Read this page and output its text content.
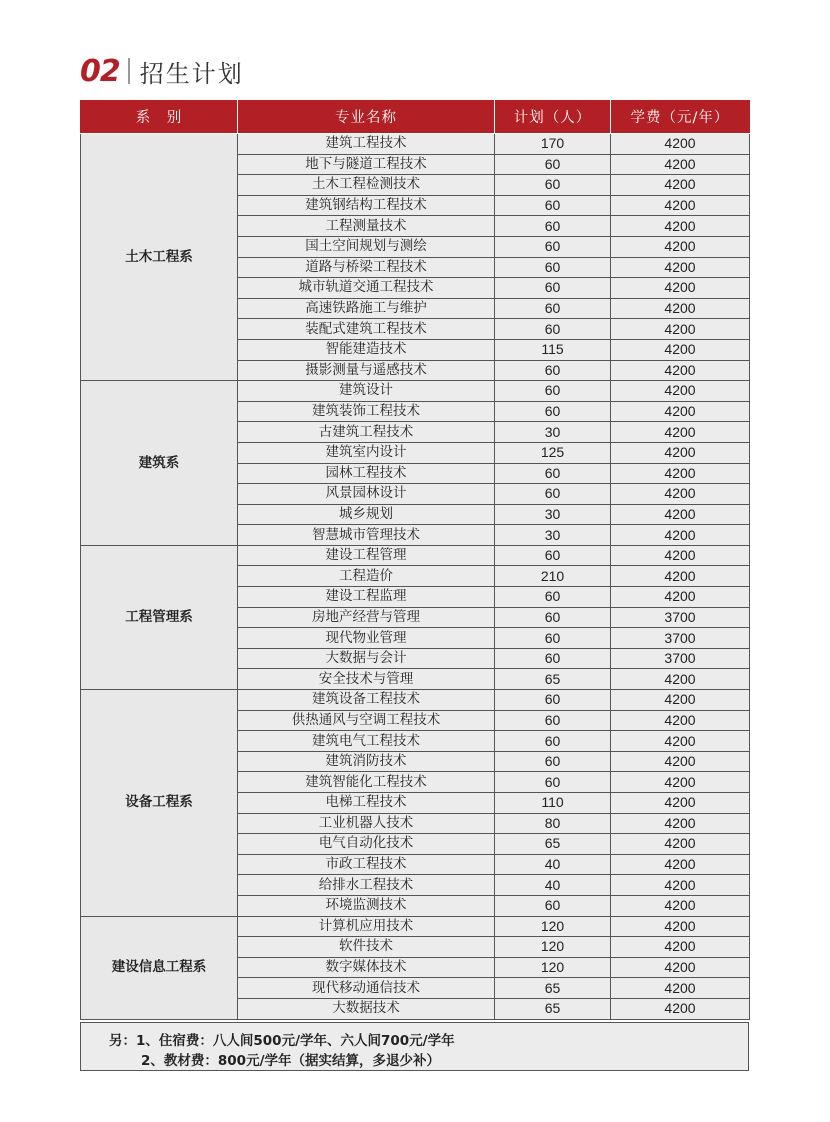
02 招生计划
系　别	专业名称	计划（人）	学费（元/年）
土木工程系	建筑工程技术	170	4200
	地下与隧道工程技术	60	4200
	土木工程检测技术	60	4200
	建筑钢结构工程技术	60	4200
	工程测量技术	60	4200
	国土空间规划与测绘	60	4200
	道路与桥梁工程技术	60	4200
	城市轨道交通工程技术	60	4200
	高速铁路施工与维护	60	4200
	装配式建筑工程技术	60	4200
	智能建造技术	115	4200
	摄影测量与遥感技术	60	4200
建筑系	建筑设计	60	4200
	建筑装饰工程技术	60	4200
	古建筑工程技术	30	4200
	建筑室内设计	125	4200
	园林工程技术	60	4200
	风景园林设计	60	4200
	城乡规划	30	4200
	智慧城市管理技术	30	4200
工程管理系	建设工程管理	60	4200
	工程造价	210	4200
	建设工程监理	60	4200
	房地产经营与管理	60	3700
	现代物业管理	60	3700
	大数据与会计	60	3700
	安全技术与管理	65	4200
设备工程系	建筑设备工程技术	60	4200
	供热通风与空调工程技术	60	4200
	建筑电气工程技术	60	4200
	建筑消防技术	60	4200
	建筑智能化工程技术	60	4200
	电梯工程技术	110	4200
	工业机器人技术	80	4200
	电气自动化技术	65	4200
	市政工程技术	40	4200
	给排水工程技术	40	4200
	环境监测技术	60	4200
建设信息工程系	计算机应用技术	120	4200
	软件技术	120	4200
	数字媒体技术	120	4200
	现代移动通信技术	65	4200
	大数据技术	65	4200
另：1、住宿费：八人间500元/学年、六人间700元/学年
2、教材费：800元/学年（据实结算，多退少补）
